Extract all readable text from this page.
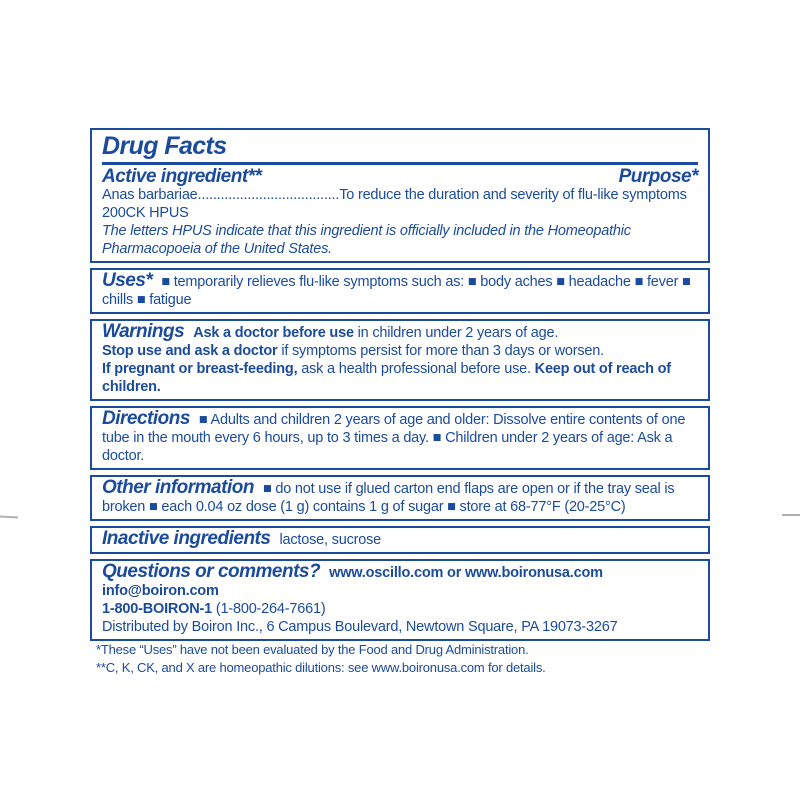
Drug Facts
Active ingredient**	Purpose*

Anas barbariae.....................................To reduce the duration and severity of flu-like symptoms

200CK HPUS

The letters HPUS indicate that this ingredient is officially included in the Homeopathic Pharmacopoeia of the United States.

Uses* ■ temporarily relieves flu-like symptoms such as: ■ body aches ■ headache ■ fever ■ chills ■ fatigue

Warnings Ask a doctor before use in children under 2 years of age.

Stop use and ask a doctor if symptoms persist for more than 3 days or worsen.

If pregnant or breast-feeding, ask a health professional before use. Keep out of reach of children.

Directions ■ Adults and children 2 years of age and older: Dissolve entire contents of one tube in the mouth every 6 hours, up to 3 times a day. ■ Children under 2 years of age: Ask a doctor.

Other information ■ do not use if glued carton end flaps are open or if the tray seal is broken ■ each 0.04 oz dose (1 g) contains 1 g of sugar ■ store at 68-77°F (20-25°C)

Inactive ingredients lactose, sucrose

Questions or comments? www.oscillo.com or www.boironusa.com

info@boiron.com

1-800-BOIRON-1 (1-800-264-7661)

Distributed by Boiron Inc., 6 Campus Boulevard, Newtown Square, PA 19073-3267

*These “Uses” have not been evaluated by the Food and Drug Administration.
**C, K, CK, and X are homeopathic dilutions: see www.boironusa.com for details.
